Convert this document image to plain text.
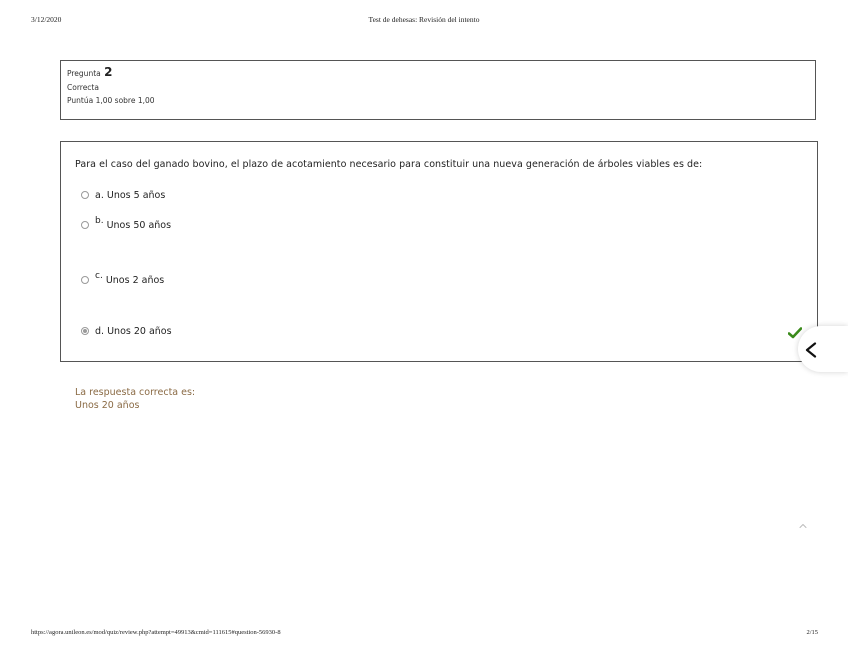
3/12/2020	Test de dehesas: Revisión del intento
Pregunta 2
Correcta
Puntúa 1,00 sobre 1,00
Para el caso del ganado bovino, el plazo de acotamiento necesario para constituir una nueva generación de árboles viables es de:
a. Unos 5 años
b. Unos 50 años
c. Unos 2 años
d. Unos 20 años
La respuesta correcta es:
Unos 20 años
https://agora.unileon.es/mod/quiz/review.php?attempt=49913&cmid=111615#question-56930-8	2/15
